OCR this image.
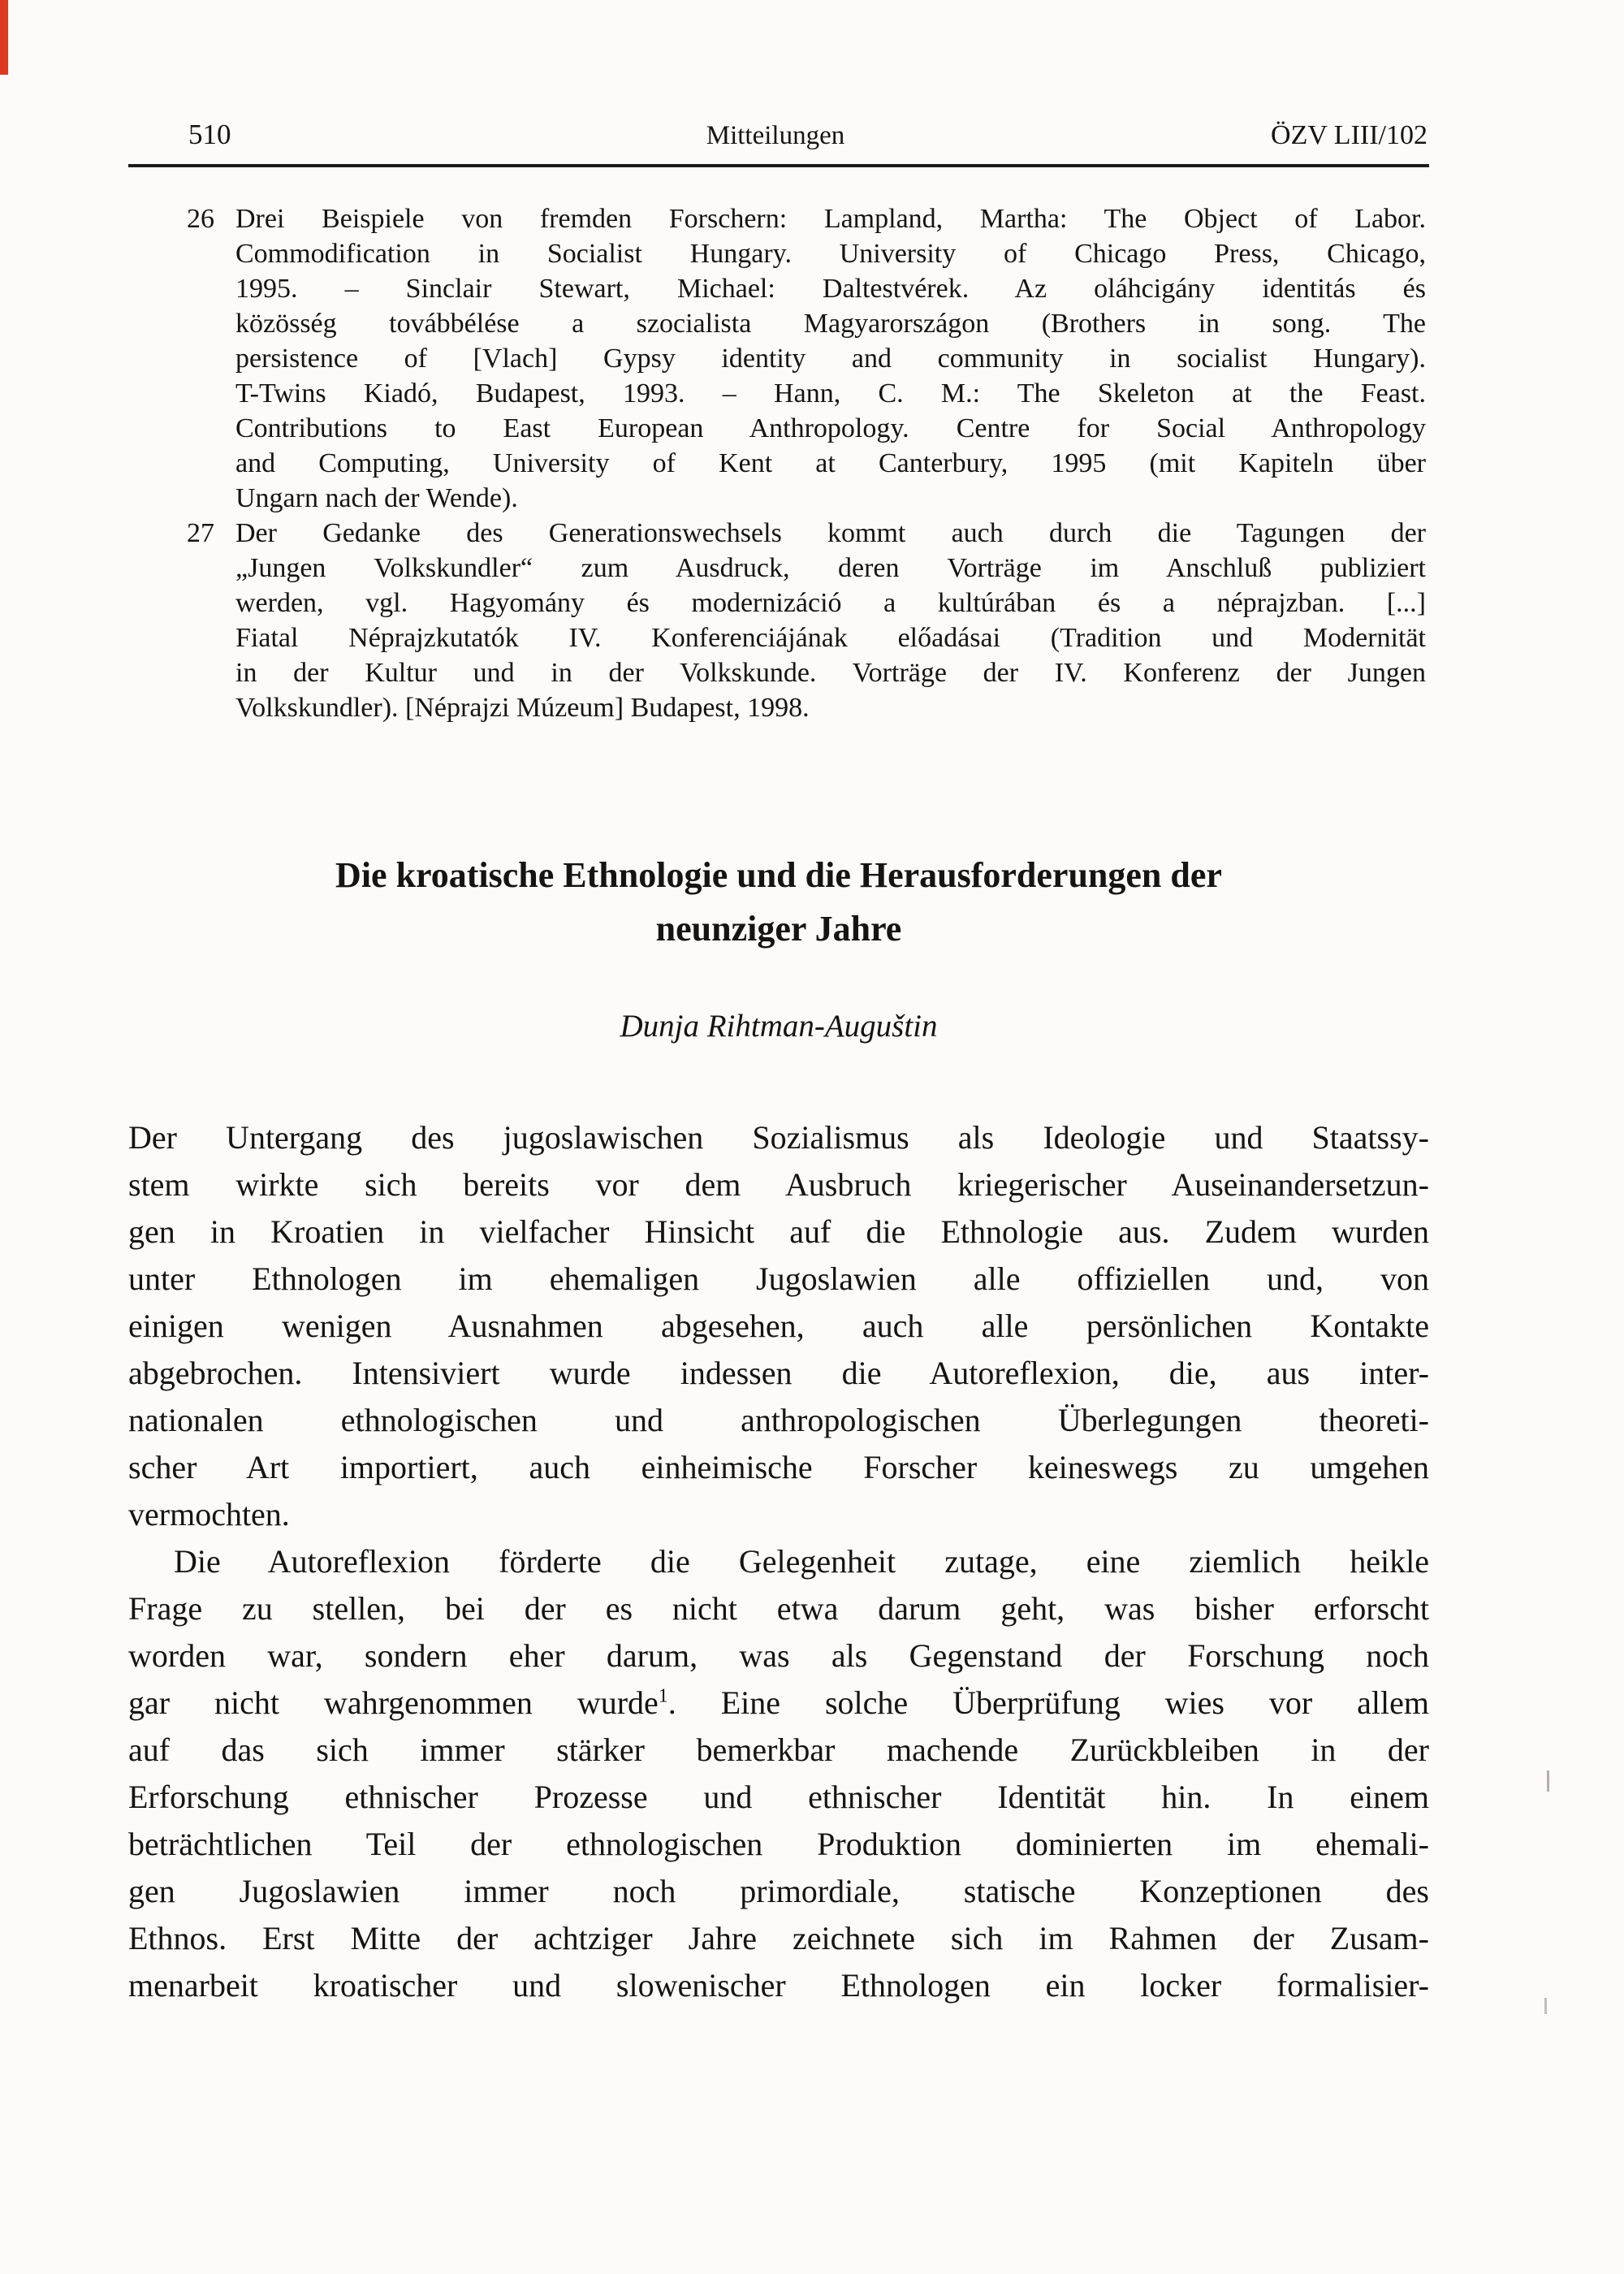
510	Mitteilungen	ÖZV LIII/102
26 Drei Beispiele von fremden Forschern: Lampland, Martha: The Object of Labor.
Commodification in Socialist Hungary. University of Chicago Press, Chicago,
1995. – Sinclair Stewart, Michael: Daltestvérek. Az oláhcigány identitás és
közösség továbbélése a szocialista Magyarországon (Brothers in song. The
persistence of [Vlach] Gypsy identity and community in socialist Hungary).
T-Twins Kiadó, Budapest, 1993. – Hann, C. M.: The Skeleton at the Feast.
Contributions to East European Anthropology. Centre for Social Anthropology
and Computing, University of Kent at Canterbury, 1995 (mit Kapiteln über
Ungarn nach der Wende).
27 Der Gedanke des Generationswechsels kommt auch durch die Tagungen der
„Jungen Volkskundler“ zum Ausdruck, deren Vorträge im Anschluß publiziert
werden, vgl. Hagyomány és modernizáció a kultúrában és a néprajzban. [...]
Fiatal Néprajzkutatók IV. Konferenciájának előadásai (Tradition und Modernität
in der Kultur und in der Volkskunde. Vorträge der IV. Konferenz der Jungen
Volkskundler). [Néprajzi Múzeum] Budapest, 1998.
Die kroatische Ethnologie und die Herausforderungen der
neunziger Jahre
Dunja Rihtman-Auguštin
Der Untergang des jugoslawischen Sozialismus als Ideologie und Staatssy-
stem wirkte sich bereits vor dem Ausbruch kriegerischer Auseinandersetzun-
gen in Kroatien in vielfacher Hinsicht auf die Ethnologie aus. Zudem wurden
unter Ethnologen im ehemaligen Jugoslawien alle offiziellen und, von
einigen wenigen Ausnahmen abgesehen, auch alle persönlichen Kontakte
abgebrochen. Intensiviert wurde indessen die Autoreflexion, die, aus inter-
nationalen ethnologischen und anthropologischen Überlegungen theoreti-
scher Art importiert, auch einheimische Forscher keineswegs zu umgehen
vermochten.
Die Autoreflexion förderte die Gelegenheit zutage, eine ziemlich heikle
Frage zu stellen, bei der es nicht etwa darum geht, was bisher erforscht
worden war, sondern eher darum, was als Gegenstand der Forschung noch
gar nicht wahrgenommen wurde$^1$. Eine solche Überprüfung wies vor allem
auf das sich immer stärker bemerkbar machende Zurückbleiben in der
Erforschung ethnischer Prozesse und ethnischer Identität hin. In einem
beträchtlichen Teil der ethnologischen Produktion dominierten im ehemali-
gen Jugoslawien immer noch primordiale, statische Konzeptionen des
Ethnos. Erst Mitte der achtziger Jahre zeichnete sich im Rahmen der Zusam-
menarbeit kroatischer und slowenischer Ethnologen ein locker formalisier-
